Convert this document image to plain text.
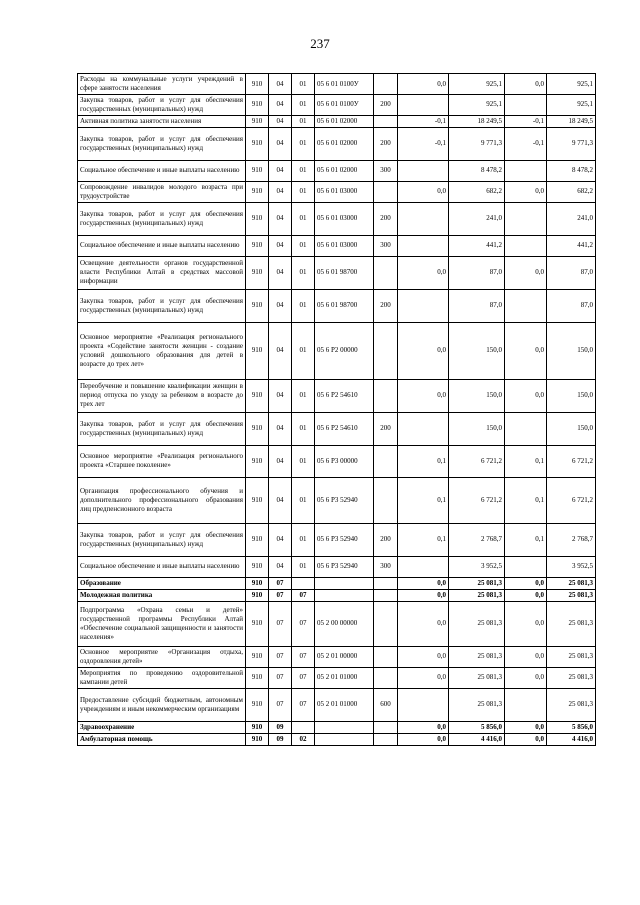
237
Расходы на коммунальные услуги учреждений в сфере занятости населения	910	04	01	05 6 01 0100У		0,0	925,1	0,0	925,1
Закупка товаров, работ и услуг для обеспечения государственных (муниципальных) нужд	910	04	01	05 6 01 0100У	200		925,1		925,1
Активная политика занятости населения	910	04	01	05 6 01 02000		-0,1	18 249,5	-0,1	18 249,5
Закупка товаров, работ и услуг для обеспечения государственных (муниципальных) нужд	910	04	01	05 6 01 02000	200	-0,1	9 771,3	-0,1	9 771,3
Социальное обеспечение и иные выплаты населению	910	04	01	05 6 01 02000	300		8 478,2		8 478,2
Сопровождение инвалидов молодого возраста при трудоустройстве	910	04	01	05 6 01 03000		0,0	682,2	0,0	682,2
Закупка товаров, работ и услуг для обеспечения государственных (муниципальных) нужд	910	04	01	05 6 01 03000	200		241,0		241,0
Социальное обеспечение и иные выплаты населению	910	04	01	05 6 01 03000	300		441,2		441,2
Освещение деятельности органов государственной власти Республики Алтай в средствах массовой информации	910	04	01	05 6 01 98700		0,0	87,0	0,0	87,0
Закупка товаров, работ и услуг для обеспечения государственных (муниципальных) нужд	910	04	01	05 6 01 98700	200		87,0		87,0
Основное мероприятие «Реализация регионального проекта «Содействие занятости женщин - создание условий дошкольного образования для детей в возрасте до трех лет»	910	04	01	05 6 P2 00000		0,0	150,0	0,0	150,0
Переобучение и повышение квалификации женщин в период отпуска по уходу за ребенком в возрасте до трех лет	910	04	01	05 6 P2 54610		0,0	150,0	0,0	150,0
Закупка товаров, работ и услуг для обеспечения государственных (муниципальных) нужд	910	04	01	05 6 P2 54610	200		150,0		150,0
Основное мероприятие «Реализация регионального проекта «Старшее поколение»	910	04	01	05 6 P3 00000		0,1	6 721,2	0,1	6 721,2
Организация профессионального обучения и дополнительного профессионального образования лиц предпенсионного возраста	910	04	01	05 6 P3 52940		0,1	6 721,2	0,1	6 721,2
Закупка товаров, работ и услуг для обеспечения государственных (муниципальных) нужд	910	04	01	05 6 P3 52940	200	0,1	2 768,7	0,1	2 768,7
Социальное обеспечение и иные выплаты населению	910	04	01	05 6 P3 52940	300		3 952,5		3 952,5
Образование	910	07				0,0	25 081,3	0,0	25 081,3
Молодежная политика	910	07	07			0,0	25 081,3	0,0	25 081,3
Подпрограмма «Охрана семьи и детей» государственной программы Республики Алтай «Обеспечение социальной защищенности и занятости населения»	910	07	07	05 2 00 00000		0,0	25 081,3	0,0	25 081,3
Основное мероприятие «Организация отдыха, оздоровления детей»	910	07	07	05 2 01 00000		0,0	25 081,3	0,0	25 081,3
Мероприятия по проведению оздоровительной кампании детей	910	07	07	05 2 01 01000		0,0	25 081,3	0,0	25 081,3
Предоставление субсидий бюджетным, автономным учреждениям и иным некоммерческим организациям	910	07	07	05 2 01 01000	600		25 081,3		25 081,3
Здравоохранение	910	09				0,0	5 856,0	0,0	5 856,0
Амбулаторная помощь	910	09	02			0,0	4 416,0	0,0	4 416,0
